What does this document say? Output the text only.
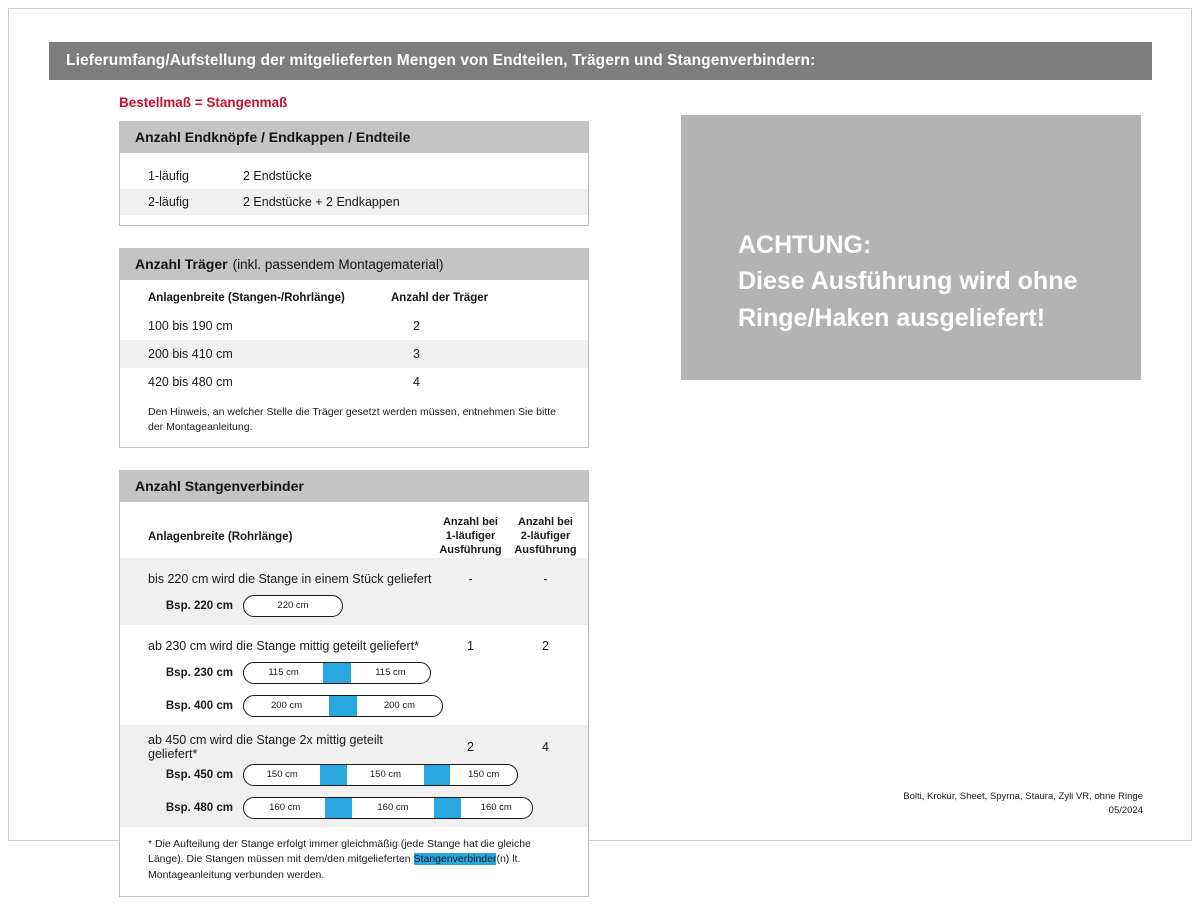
Lieferumfang/Aufstellung der mitgelieferten Mengen von Endteilen, Trägern und Stangenverbindern:
Bestellmaß = Stangenmaß
Anzahl Endknöpfe / Endkappen / Endteile

1-läufig	2 Endstücke
2-läufig	2 Endstücke + 2 Endkappen

Anzahl Träger (inkl. passendem Montagematerial)
Anlagenbreite (Stangen-/Rohrlänge)	Anzahl der Träger
100 bis 190 cm	2
200 bis 410 cm	3
420 bis 480 cm	4
Den Hinweis, an welcher Stelle die Träger gesetzt werden müssen, entnehmen Sie bitte der Montageanleitung.
Anzahl Stangenverbinder
Anlagenbreite (Rohrlänge)
Anzahl bei
1-läufiger
Ausführung
Anzahl bei
2-läufiger
Ausführung
bis 220 cm wird die Stange in einem Stück geliefert	-	-
Bsp. 220 cm	220 cm
ab 230 cm wird die Stange mittig geteilt geliefert*	1	2
Bsp. 230 cm	115 cm	115 cm
Bsp. 400 cm	200 cm	200 cm
ab 450 cm wird die Stange 2x mittig geteilt geliefert*	2	4
Bsp. 450 cm	150 cm	150 cm	150 cm
Bsp. 480 cm	160 cm	160 cm	160 cm
* Die Aufteilung der Stange erfolgt immer gleichmäßig (jede Stange hat die gleiche Länge). Die Stangen müssen mit dem/den mitgelieferten Stangenverbinder(n) lt. Montageanleitung verbunden werden.
ACHTUNG:
Diese Ausführung wird ohne
Ringe/Haken ausgeliefert!
Bolti, Krokur, Sheet, Spyrna, Staura, Zyli VR, ohne Ringe
05/2024
